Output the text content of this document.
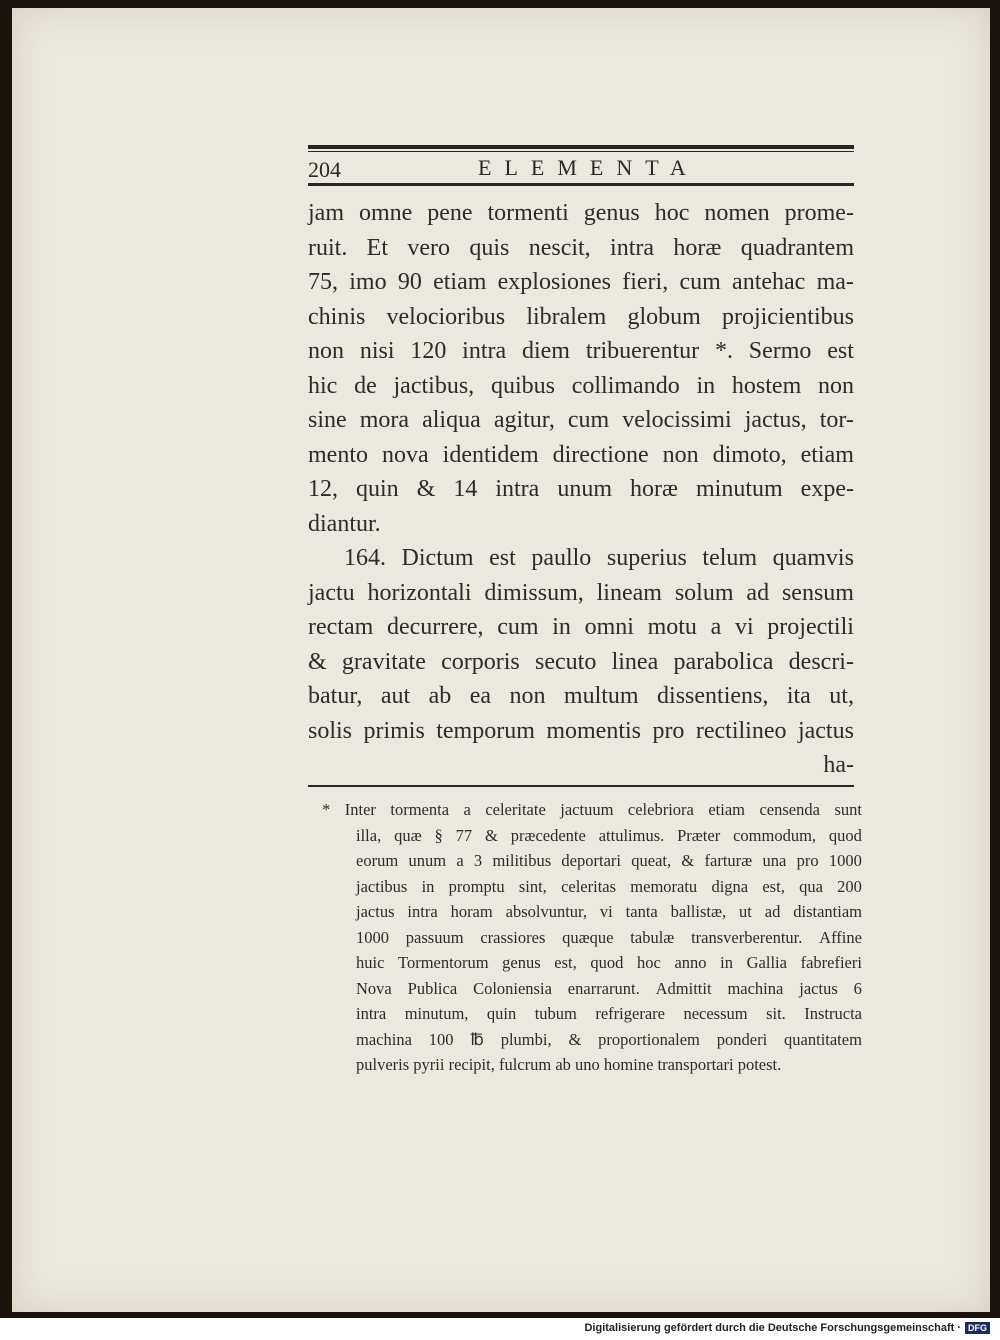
204	ELEMENTA
jam omne pene tormenti genus hoc nomen prome-
ruit. Et vero quis nescit, intra horæ quadrantem
75, imo 90 etiam explosiones fieri, cum antehac ma-
chinis velocioribus libralem globum projicientibus
non nisi 120 intra diem tribuerentur *. Sermo est
hic de jactibus, quibus collimando in hostem non
sine mora aliqua agitur, cum velocissimi jactus, tor-
mento nova identidem directione non dimoto, etiam
12, quin & 14 intra unum horæ minutum expe-
diantur.
164. Dictum est paullo superius telum quamvis
jactu horizontali dimissum, lineam solum ad sensum
rectam decurrere, cum in omni motu a vi projectili
& gravitate corporis secuto linea parabolica descri-
batur, aut ab ea non multum dissentiens, ita ut,
solis primis temporum momentis pro rectilineo jactus
ha-
* Inter tormenta a celeritate jactuum celebriora etiam censenda sunt
illa, quæ § 77 & præcedente attulimus. Præter commodum, quod
eorum unum a 3 militibus deportari queat, & farturæ una pro 1000
jactibus in promptu sint, celeritas memoratu digna est, qua 200
jactus intra horam absolvuntur, vi tanta ballistæ, ut ad distantiam
1000 passuum crassiores quæque tabulæ transverberentur. Affine
huic Tormentorum genus est, quod hoc anno in Gallia fabrefieri
Nova Publica Coloniensia enarrarunt. Admittit machina jactus 6
intra minutum, quin tubum refrigerare necessum sit. Instructa
machina 100 ℔ plumbi, & proportionalem ponderi quantitatem
pulveris pyrii recipit, fulcrum ab uno homine transportari potest.
Digitalisierung gefördert durch die Deutsche Forschungsgemeinschaft · DFG
